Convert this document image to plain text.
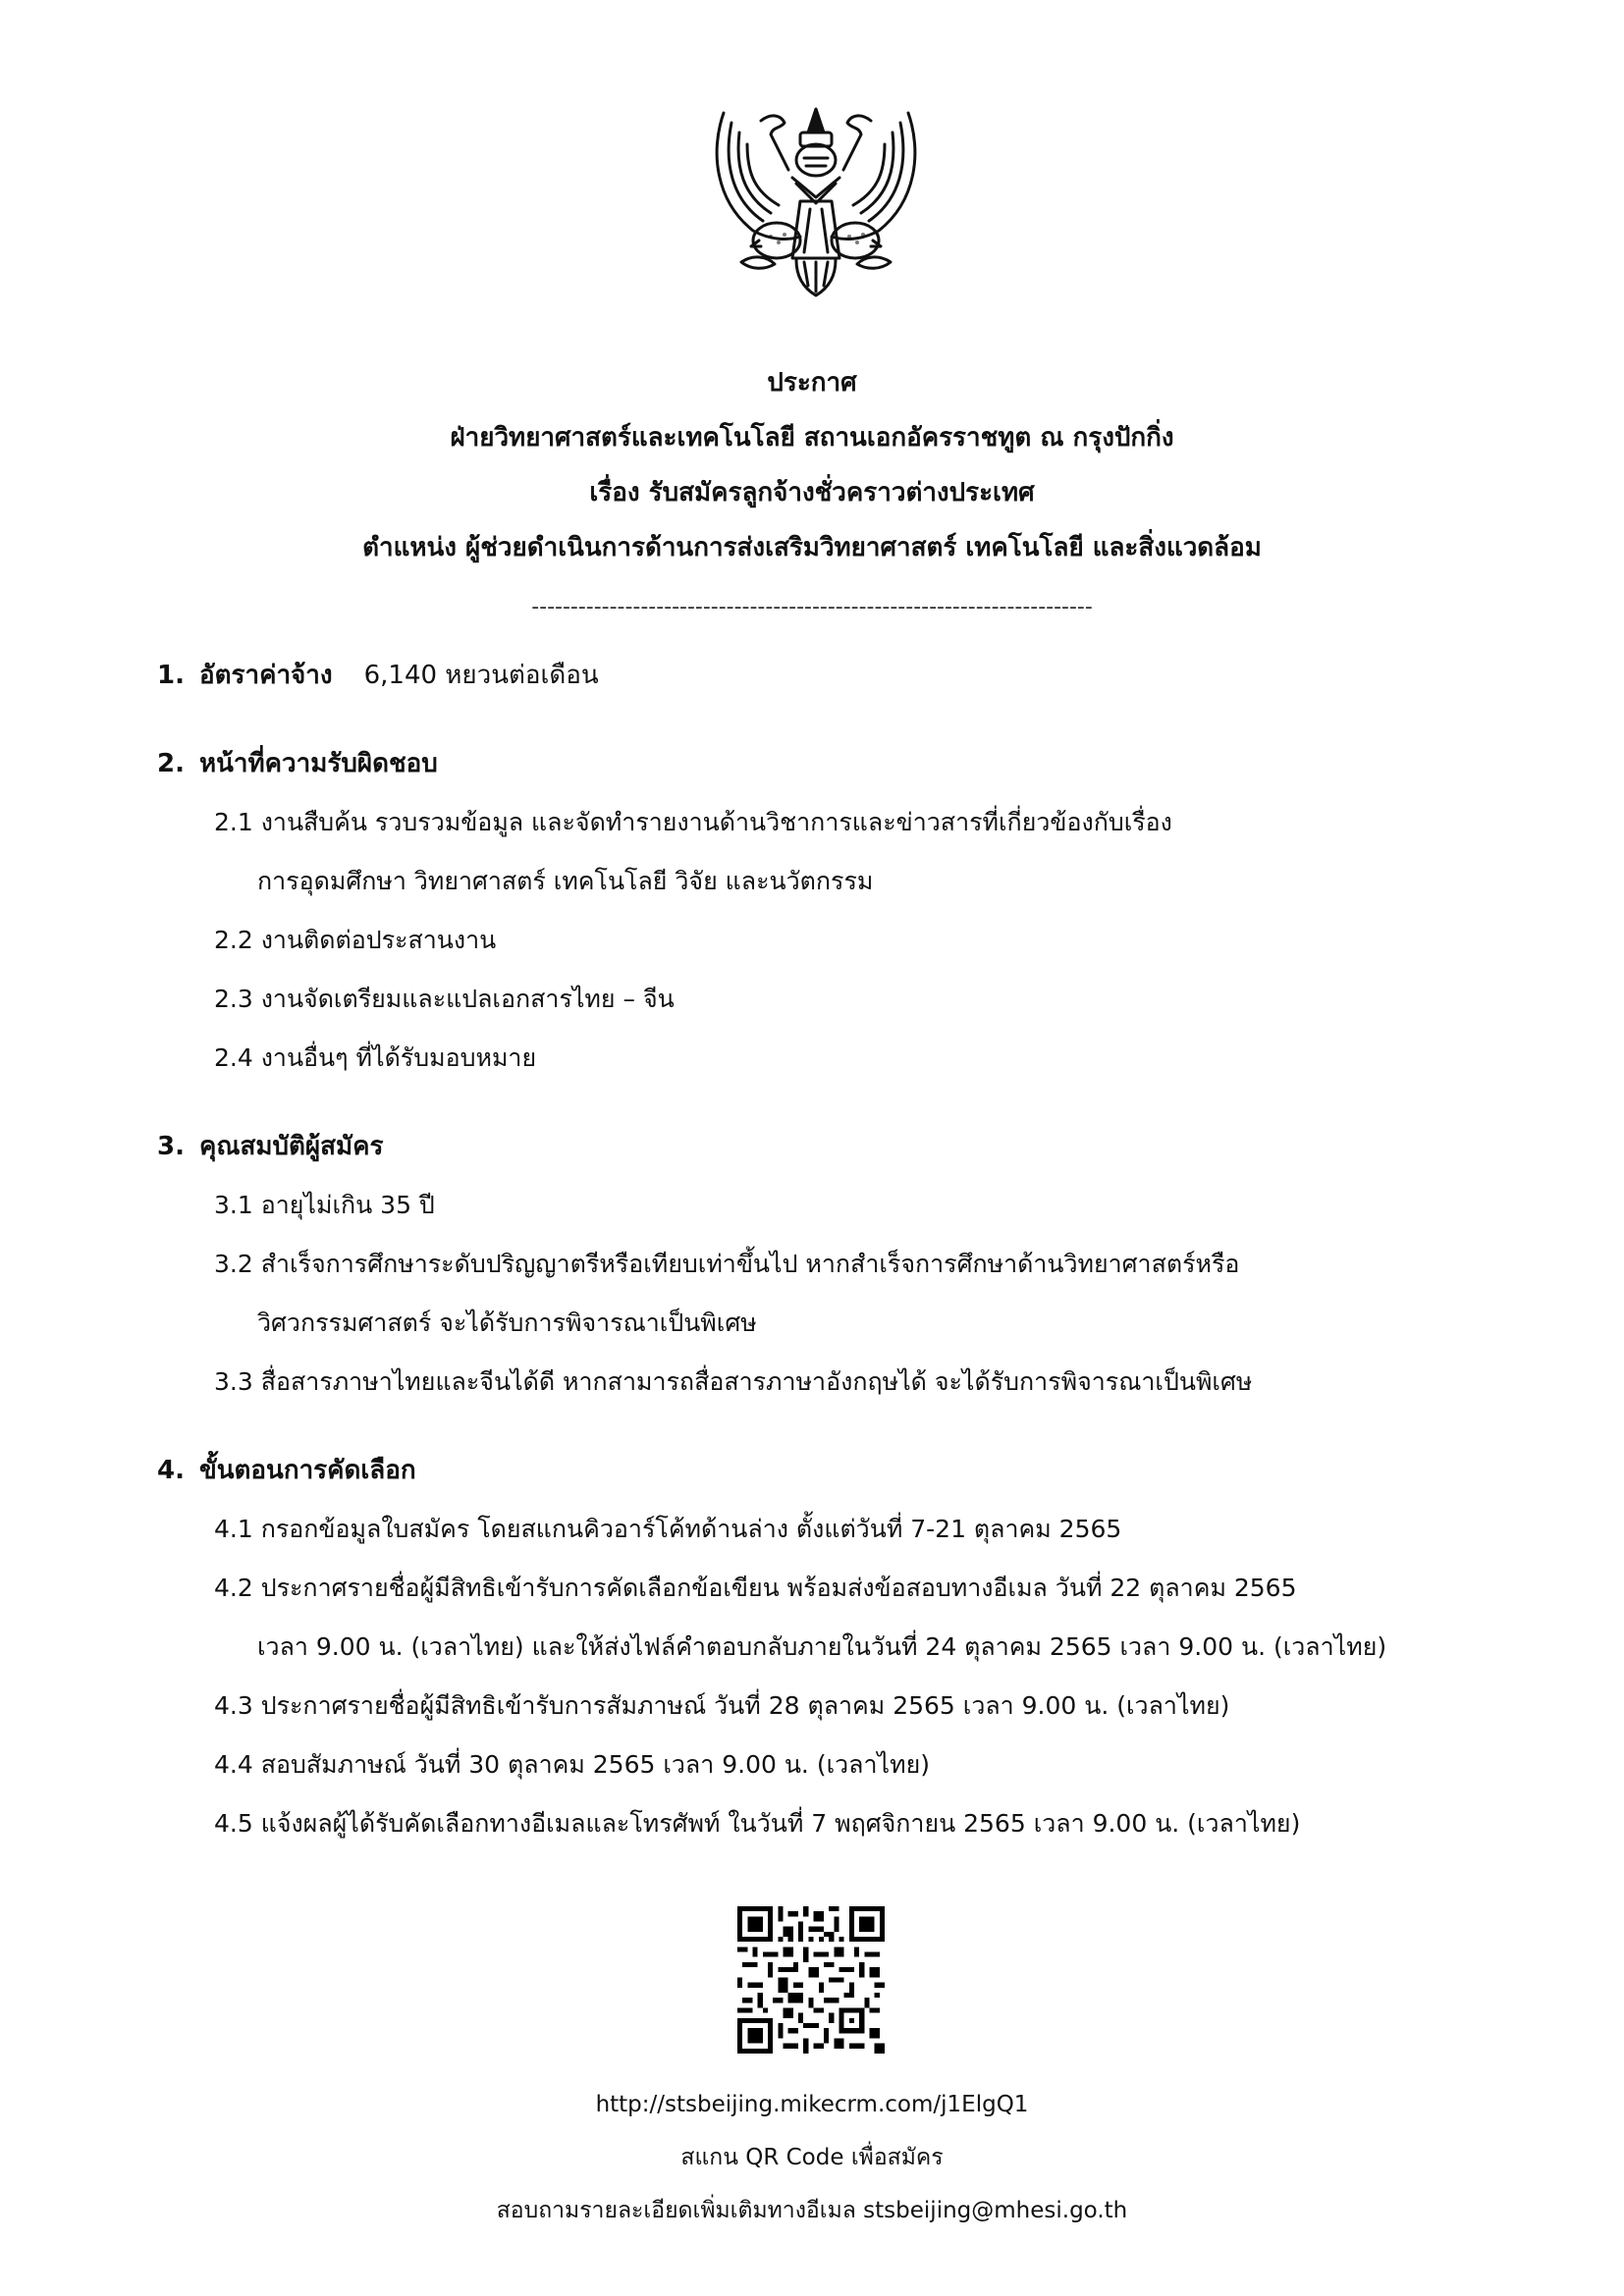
ประกาศ
ฝ่ายวิทยาศาสตร์และเทคโนโลยี สถานเอกอัครราชทูต ณ กรุงปักกิ่ง
เรื่อง รับสมัครลูกจ้างชั่วคราวต่างประเทศ
ตำแหน่ง ผู้ช่วยดำเนินการด้านการส่งเสริมวิทยาศาสตร์ เทคโนโลยี และสิ่งแวดล้อม
------------------------------------------------------------------------
1. อัตราค่าจ้าง 6,140 หยวนต่อเดือน
2. หน้าที่ความรับผิดชอบ
2.1 งานสืบค้น รวบรวมข้อมูล และจัดทำรายงานด้านวิชาการและข่าวสารที่เกี่ยวข้องกับเรื่อง
การอุดมศึกษา วิทยาศาสตร์ เทคโนโลยี วิจัย และนวัตกรรม
2.2 งานติดต่อประสานงาน
2.3 งานจัดเตรียมและแปลเอกสารไทย – จีน
2.4 งานอื่นๆ ที่ได้รับมอบหมาย
3. คุณสมบัติผู้สมัคร
3.1 อายุไม่เกิน 35 ปี
3.2 สำเร็จการศึกษาระดับปริญญาตรีหรือเทียบเท่าขึ้นไป หากสำเร็จการศึกษาด้านวิทยาศาสตร์หรือ
วิศวกรรมศาสตร์ จะได้รับการพิจารณาเป็นพิเศษ
3.3 สื่อสารภาษาไทยและจีนได้ดี หากสามารถสื่อสารภาษาอังกฤษได้ จะได้รับการพิจารณาเป็นพิเศษ
4. ขั้นตอนการคัดเลือก
4.1 กรอกข้อมูลใบสมัคร โดยสแกนคิวอาร์โค้ทด้านล่าง ตั้งแต่วันที่ 7-21 ตุลาคม 2565
4.2 ประกาศรายชื่อผู้มีสิทธิเข้ารับการคัดเลือกข้อเขียน พร้อมส่งข้อสอบทางอีเมล วันที่ 22 ตุลาคม 2565
เวลา 9.00 น. (เวลาไทย) และให้ส่งไฟล์คำตอบกลับภายในวันที่ 24 ตุลาคม 2565 เวลา 9.00 น. (เวลาไทย)
4.3 ประกาศรายชื่อผู้มีสิทธิเข้ารับการสัมภาษณ์ วันที่ 28 ตุลาคม 2565 เวลา 9.00 น. (เวลาไทย)
4.4 สอบสัมภาษณ์ วันที่ 30 ตุลาคม 2565 เวลา 9.00 น. (เวลาไทย)
4.5 แจ้งผลผู้ได้รับคัดเลือกทางอีเมลและโทรศัพท์ ในวันที่ 7 พฤศจิกายน 2565 เวลา 9.00 น. (เวลาไทย)
http://stsbeijing.mikecrm.com/j1ElgQ1
สแกน QR Code เพื่อสมัคร
สอบถามรายละเอียดเพิ่มเติมทางอีเมล stsbeijing@mhesi.go.th
